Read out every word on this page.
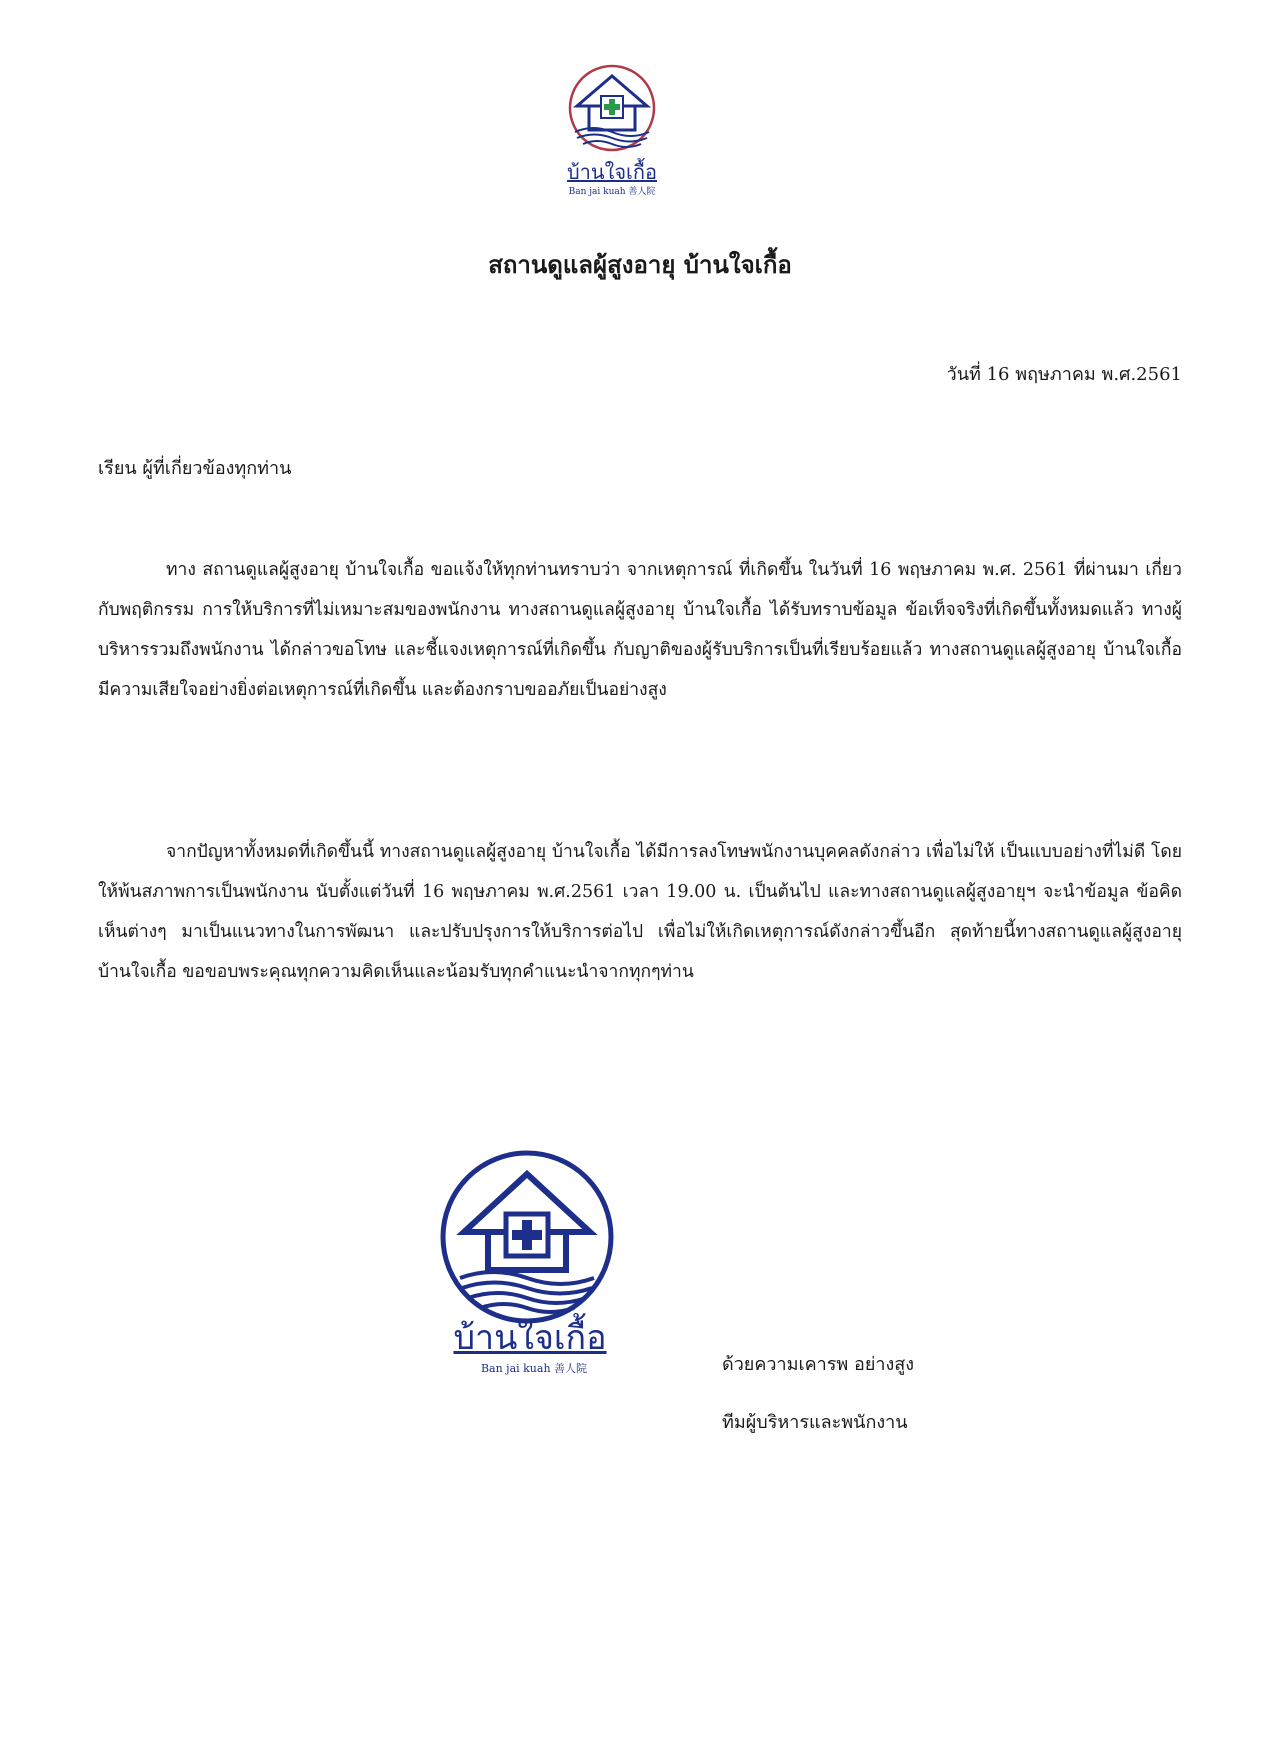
บ้านใจเกื้อ
Ban jai kuah 善人院
สถานดูแลผู้สูงอายุ บ้านใจเกื้อ
วันที่ 16 พฤษภาคม พ.ศ.2561
เรียน ผู้ที่เกี่ยวข้องทุกท่าน

ทาง สถานดูแลผู้สูงอายุ บ้านใจเกื้อ ขอแจ้งให้ทุกท่านทราบว่า จากเหตุการณ์ ที่เกิดขึ้น ในวันที่ 16 พฤษภาคม พ.ศ. 2561 ที่ผ่านมา เกี่ยวกับพฤติกรรม การให้บริการที่ไม่เหมาะสมของพนักงาน ทางสถานดูแลผู้สูงอายุ บ้านใจเกื้อ ได้รับทราบข้อมูล ข้อเท็จจริงที่เกิดขึ้นทั้งหมดแล้ว ทางผู้บริหารรวมถึงพนักงาน ได้กล่าวขอโทษ และชี้แจงเหตุการณ์ที่เกิดขึ้น กับญาติของผู้รับบริการเป็นที่เรียบร้อยแล้ว ทางสถานดูแลผู้สูงอายุ บ้านใจเกื้อ มีความเสียใจอย่างยิ่งต่อเหตุการณ์ที่เกิดขึ้น และต้องกราบขออภัยเป็นอย่างสูง

จากปัญหาทั้งหมดที่เกิดขึ้นนี้ ทางสถานดูแลผู้สูงอายุ บ้านใจเกื้อ ได้มีการลงโทษพนักงานบุคคลดังกล่าว เพื่อไม่ให้ เป็นแบบอย่างที่ไม่ดี โดยให้พ้นสภาพการเป็นพนักงาน นับตั้งแต่วันที่ 16 พฤษภาคม พ.ศ.2561 เวลา 19.00 น. เป็นต้นไป และทางสถานดูแลผู้สูงอายุฯ จะนำข้อมูล ข้อคิดเห็นต่างๆ มาเป็นแนวทางในการพัฒนา และปรับปรุงการให้บริการต่อไป เพื่อไม่ให้เกิดเหตุการณ์ดังกล่าวขึ้นอีก สุดท้ายนี้ทางสถานดูแลผู้สูงอายุ บ้านใจเกื้อ ขอขอบพระคุณทุกความคิดเห็นและน้อมรับทุกคำแนะนำจากทุกๆท่าน

บ้านใจเกื้อ
Ban jai kuah 善人院	ด้วยความเคารพ อย่างสูง
ทีมผู้บริหารและพนักงาน
